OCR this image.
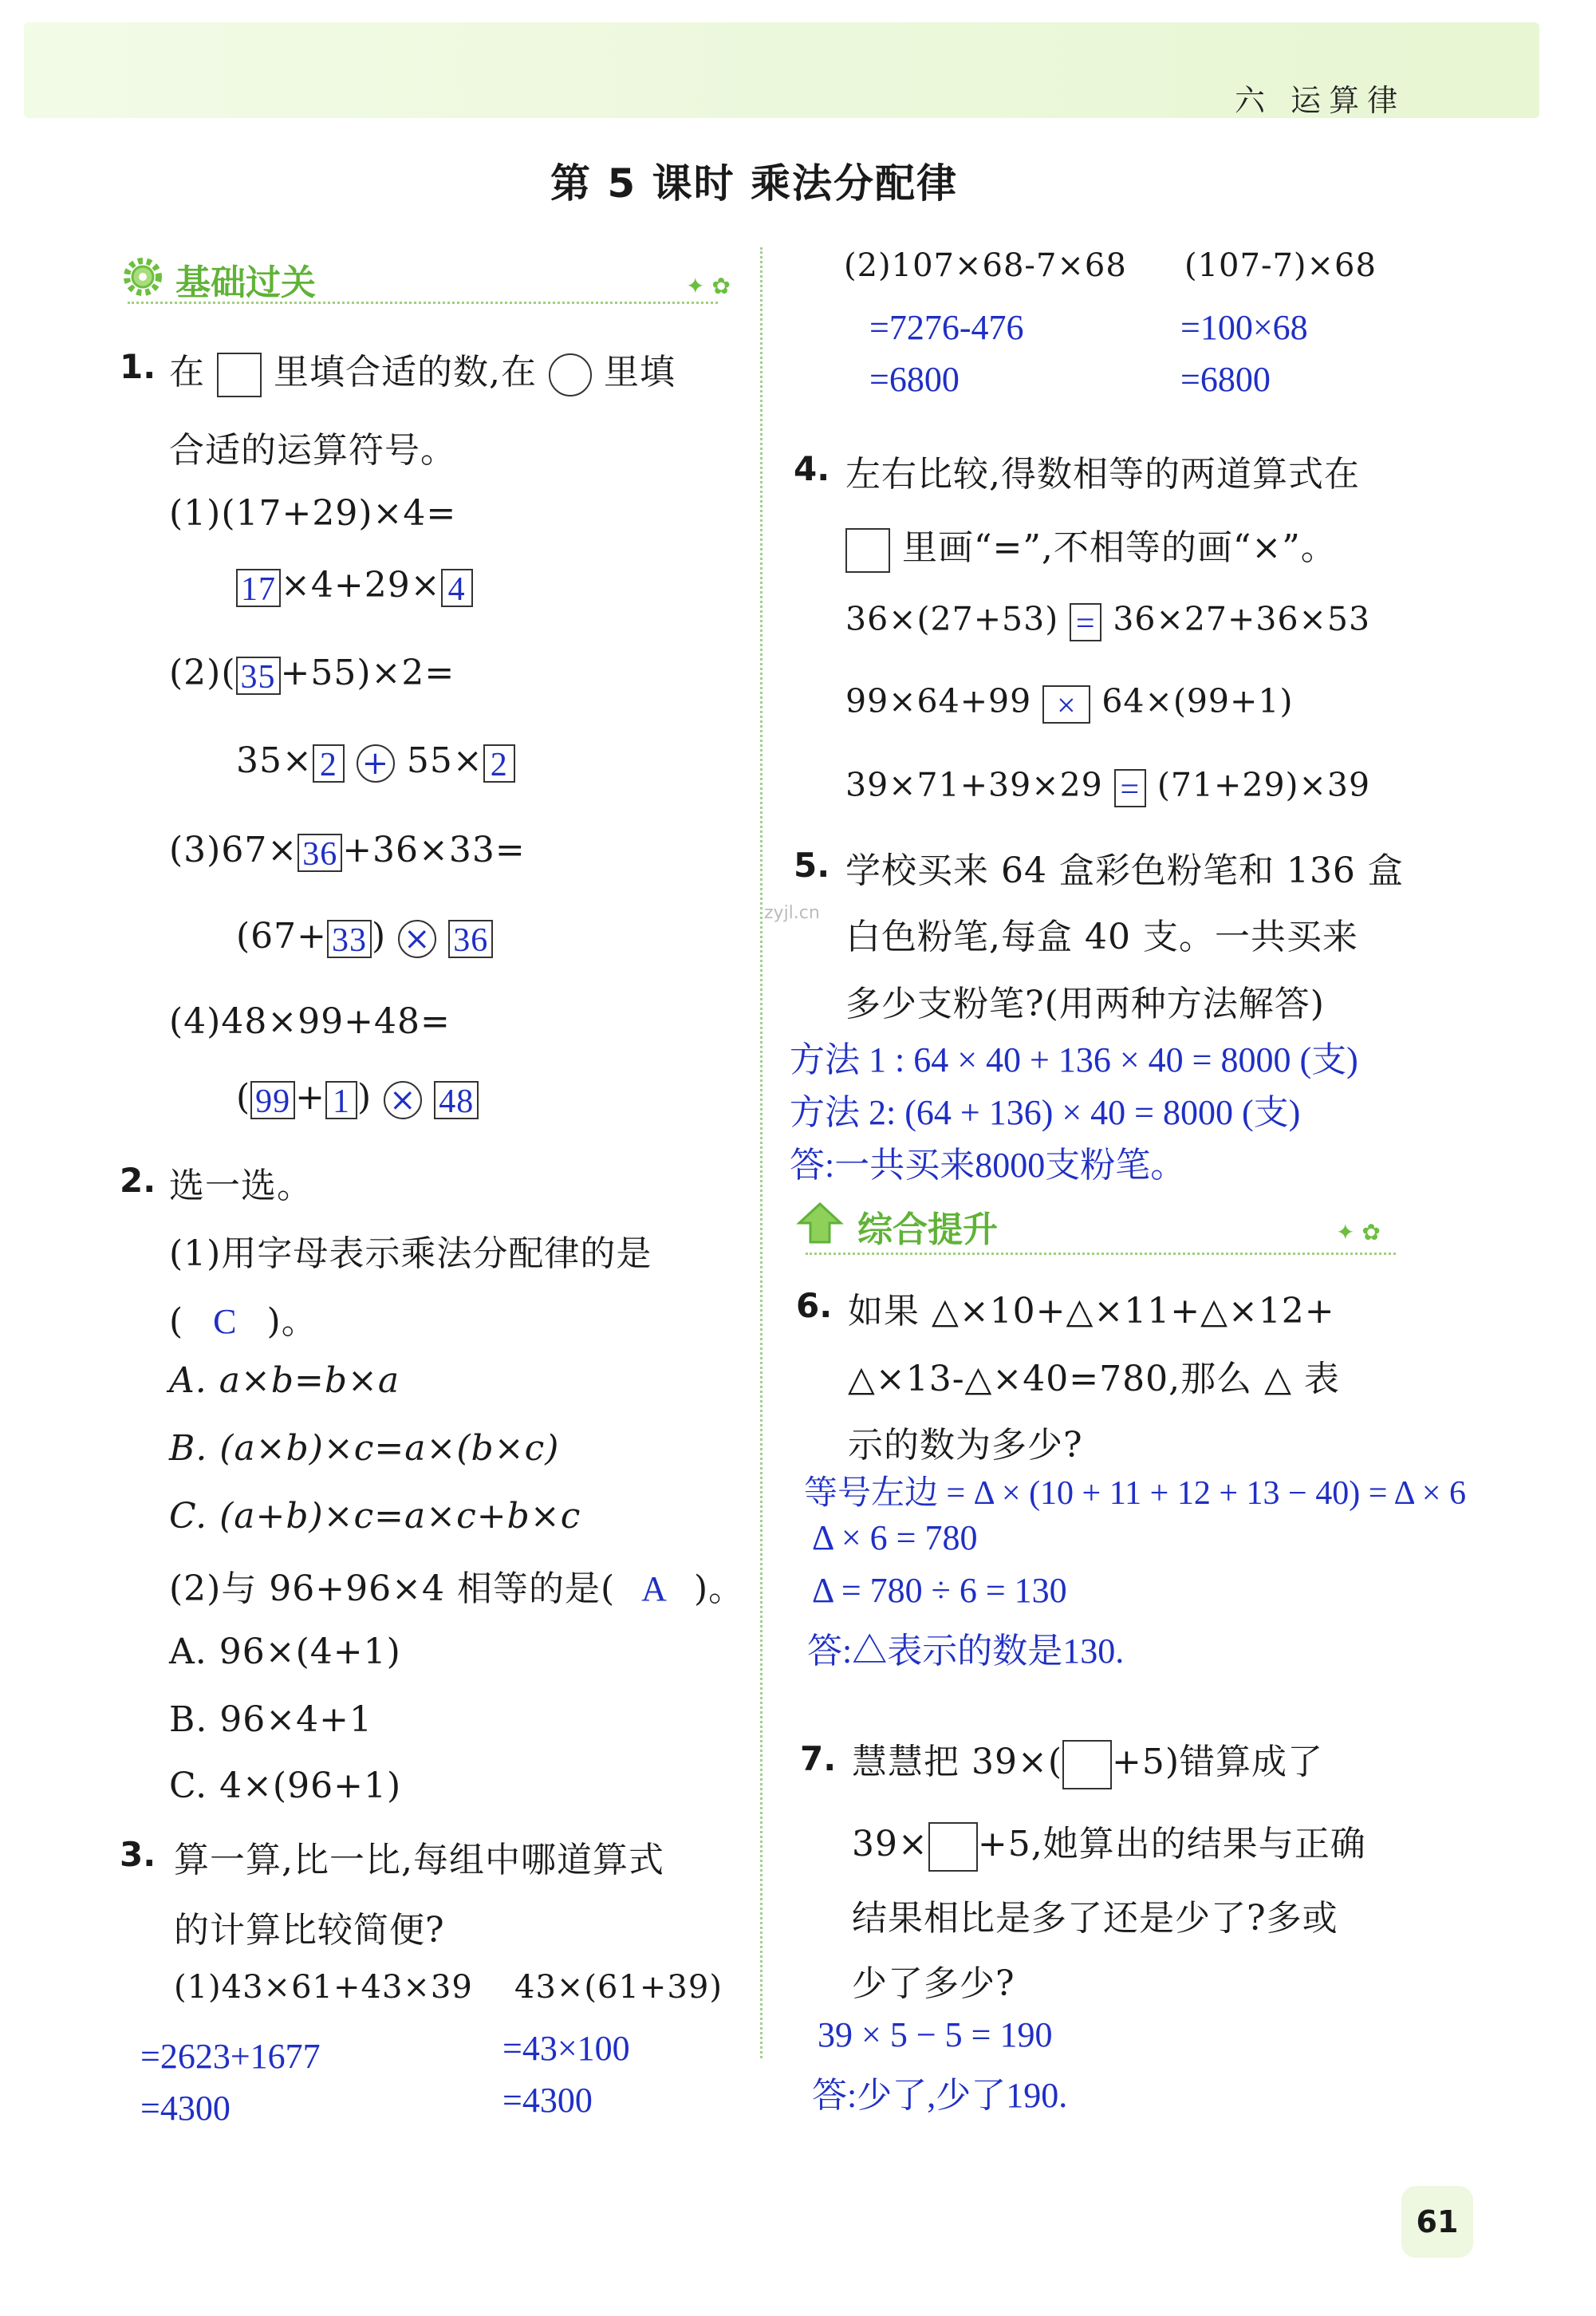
六 运算律
第 5 课时 乘法分配律
基础过关	✦ ✿
1. 在 里填合适的数,在 里填
合适的运算符号。
(1)(17+29)×4=
17 ×4+29× 4
(2)( 35 +55)×2=
35× 2 + 55× 2
(3)67× 36 +36×33=
(67+ 33 ) × 36
(4)48×99+48=
( 99 + 1 ) × 48
2. 选一选。
(1)用字母表示乘法分配律的是
( C )。
A. a×b=b×a
B. (a×b)×c=a×(b×c)
C. (a+b)×c=a×c+b×c
(2)与 96+96×4 相等的是( A )。
A. 96×(4+1)
B. 96×4+1
C. 4×(96+1)
3. 算一算,比一比,每组中哪道算式
的计算比较简便?
(1)43×61+43×39 43×(61+39)
=2623+1677
=4300
=43×100
=4300
(2)107×68-7×68 (107-7)×68
=7276-476
=6800
=100×68
=6800
4. 左右比较,得数相等的两道算式在
里画“=”,不相等的画“×”。
36×(27+53) = 36×27+36×53
99×64+99 × 64×(99+1)
39×71+39×29 = (71+29)×39
5. 学校买来 64 盒彩色粉笔和 136 盒
zyjl.cn
白色粉笔,每盒 40 支。一共买来
多少支粉笔?(用两种方法解答)
方法 1 : 64 × 40 + 136 × 40 = 8000 (支)
方法 2: (64 + 136) × 40 = 8000 (支)
答:一共买来8000支粉笔。
综合提升	✦ ✿
6. 如果 △×10+△×11+△×12+
△×13-△×40=780,那么 △ 表
示的数为多少?
等号左边 = Δ × (10 + 11 + 12 + 13 − 40) = Δ × 6
Δ × 6 = 780
Δ = 780 ÷ 6 = 130
答:△表示的数是130.
7. 慧慧把 39×( +5)错算成了
39× +5,她算出的结果与正确
结果相比是多了还是少了?多或
少了多少?
39 × 5 − 5 = 190
答:少了,少了190.
61
